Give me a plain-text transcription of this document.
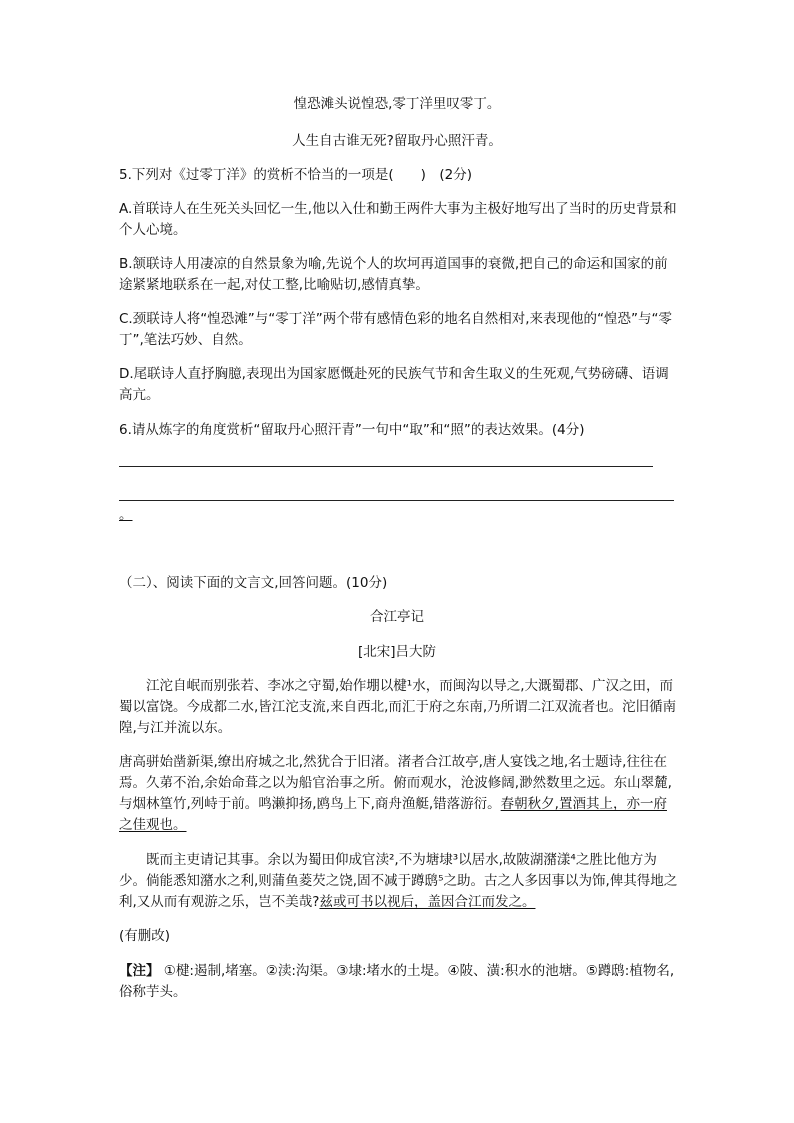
惶恐滩头说惶恐,零丁洋里叹零丁。
人生自古谁无死?留取丹心照汗青。
5.下列对《过零丁洋》的赏析不恰当的一项是(　　)　(2分)
A.首联诗人在生死关头回忆一生,他以入仕和勤王两件大事为主极好地写出了当时的历史背景和个人心境。
B.颔联诗人用凄凉的自然景象为喻,先说个人的坎坷再道国事的衰微,把自己的命运和国家的前途紧紧地联系在一起,对仗工整,比喻贴切,感情真挚。
C.颈联诗人将“惶恐滩”与“零丁洋”两个带有感情色彩的地名自然相对,来表现他的“惶恐”与“零丁”,笔法巧妙、自然。
D.尾联诗人直抒胸臆,表现出为国家愿慨赴死的民族气节和舍生取义的生死观,气势磅礴、语调高亢。
6.请从炼字的角度赏析“留取丹心照汗青”一句中“取”和“照”的表达效果。(4分)
。
（二）、阅读下面的文言文,回答问题。(10分)
合江亭记
[北宋]吕大防
江沱自岷而别张若、李冰之守蜀,始作堋以楗¹水，而闽沟以导之,大溉蜀郡、广汉之田，而蜀以富饶。今成都二水,皆江沱支流,来自西北,而汇于府之东南,乃所谓二江双流者也。沱旧循南隍,与江并流以东。
唐高骈始凿新渠,缭出府城之北,然犹合于旧渚。渚者合江故亭,唐人宴饯之地,名士题诗,往往在焉。久苐不治,余始命葺之以为船官治事之所。俯而观水，沧波修阔,渺然数里之远。东山翠麓,与烟林篁竹,列峙于前。鸣濑抑扬,鸥鸟上下,商舟渔艇,错落游衍。春朝秋夕,置酒其上，亦一府之佳观也。
既而主吏请记其事。余以为蜀田仰成官渎²,不为塘埭³以居水,故陂湖潴漾⁴之胜比他方为少。倘能悉知潴水之利,则蒲鱼菱芡之饶,固不减于蹲鸱⁵之助。古之人多因事以为饰,俾其得地之利,又从而有观游之乐，岂不美哉?兹或可书以视后，盖因合江而发之。
(有删改)
【注】 ①楗:遏制,堵塞。②渎:沟渠。③埭:堵水的土堤。④陂、潢:积水的池塘。⑤蹲鸱:植物名,俗称芋头。
